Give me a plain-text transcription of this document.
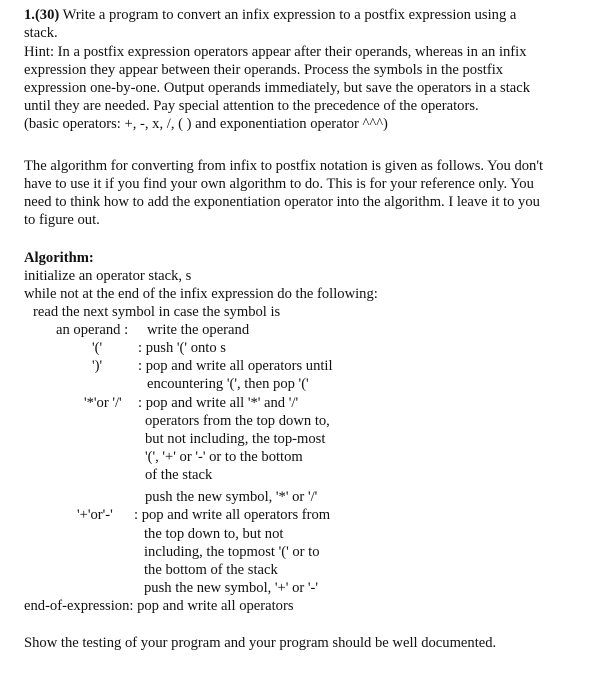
1.(30) Write a program to convert an infix expression to a postfix expression using a
stack.
Hint: In a postfix expression operators appear after their operands, whereas in an infix
expression they appear between their operands. Process the symbols in the postfix
expression one-by-one. Output operands immediately, but save the operators in a stack
until they are needed. Pay special attention to the precedence of the operators.
(basic operators: +, -, x, /, ( ) and exponentiation operator ^^^)
The algorithm for converting from infix to postfix notation is given as follows. You don't
have to use it if you find your own algorithm to do. This is for your reference only. You
need to think how to add the exponentiation operator into the algorithm. I leave it to you
to figure out.
Algorithm:
initialize an operator stack, s
while not at the end of the infix expression do the following:
read the next symbol in case the symbol is
an operand : write the operand
'(' : push '(' onto s
')' : pop and write all operators until
encountering '(', then pop '('
'*'or '/' : pop and write all '*' and '/'
operators from the top down to,
but not including, the top-most
'(', '+' or '-' or to the bottom
of the stack
push the new symbol, '*' or '/'
'+'or'-' : pop and write all operators from
the top down to, but not
including, the topmost '(' or to
the bottom of the stack
push the new symbol, '+' or '-'
end-of-expression: pop and write all operators
Show the testing of your program and your program should be well documented.
